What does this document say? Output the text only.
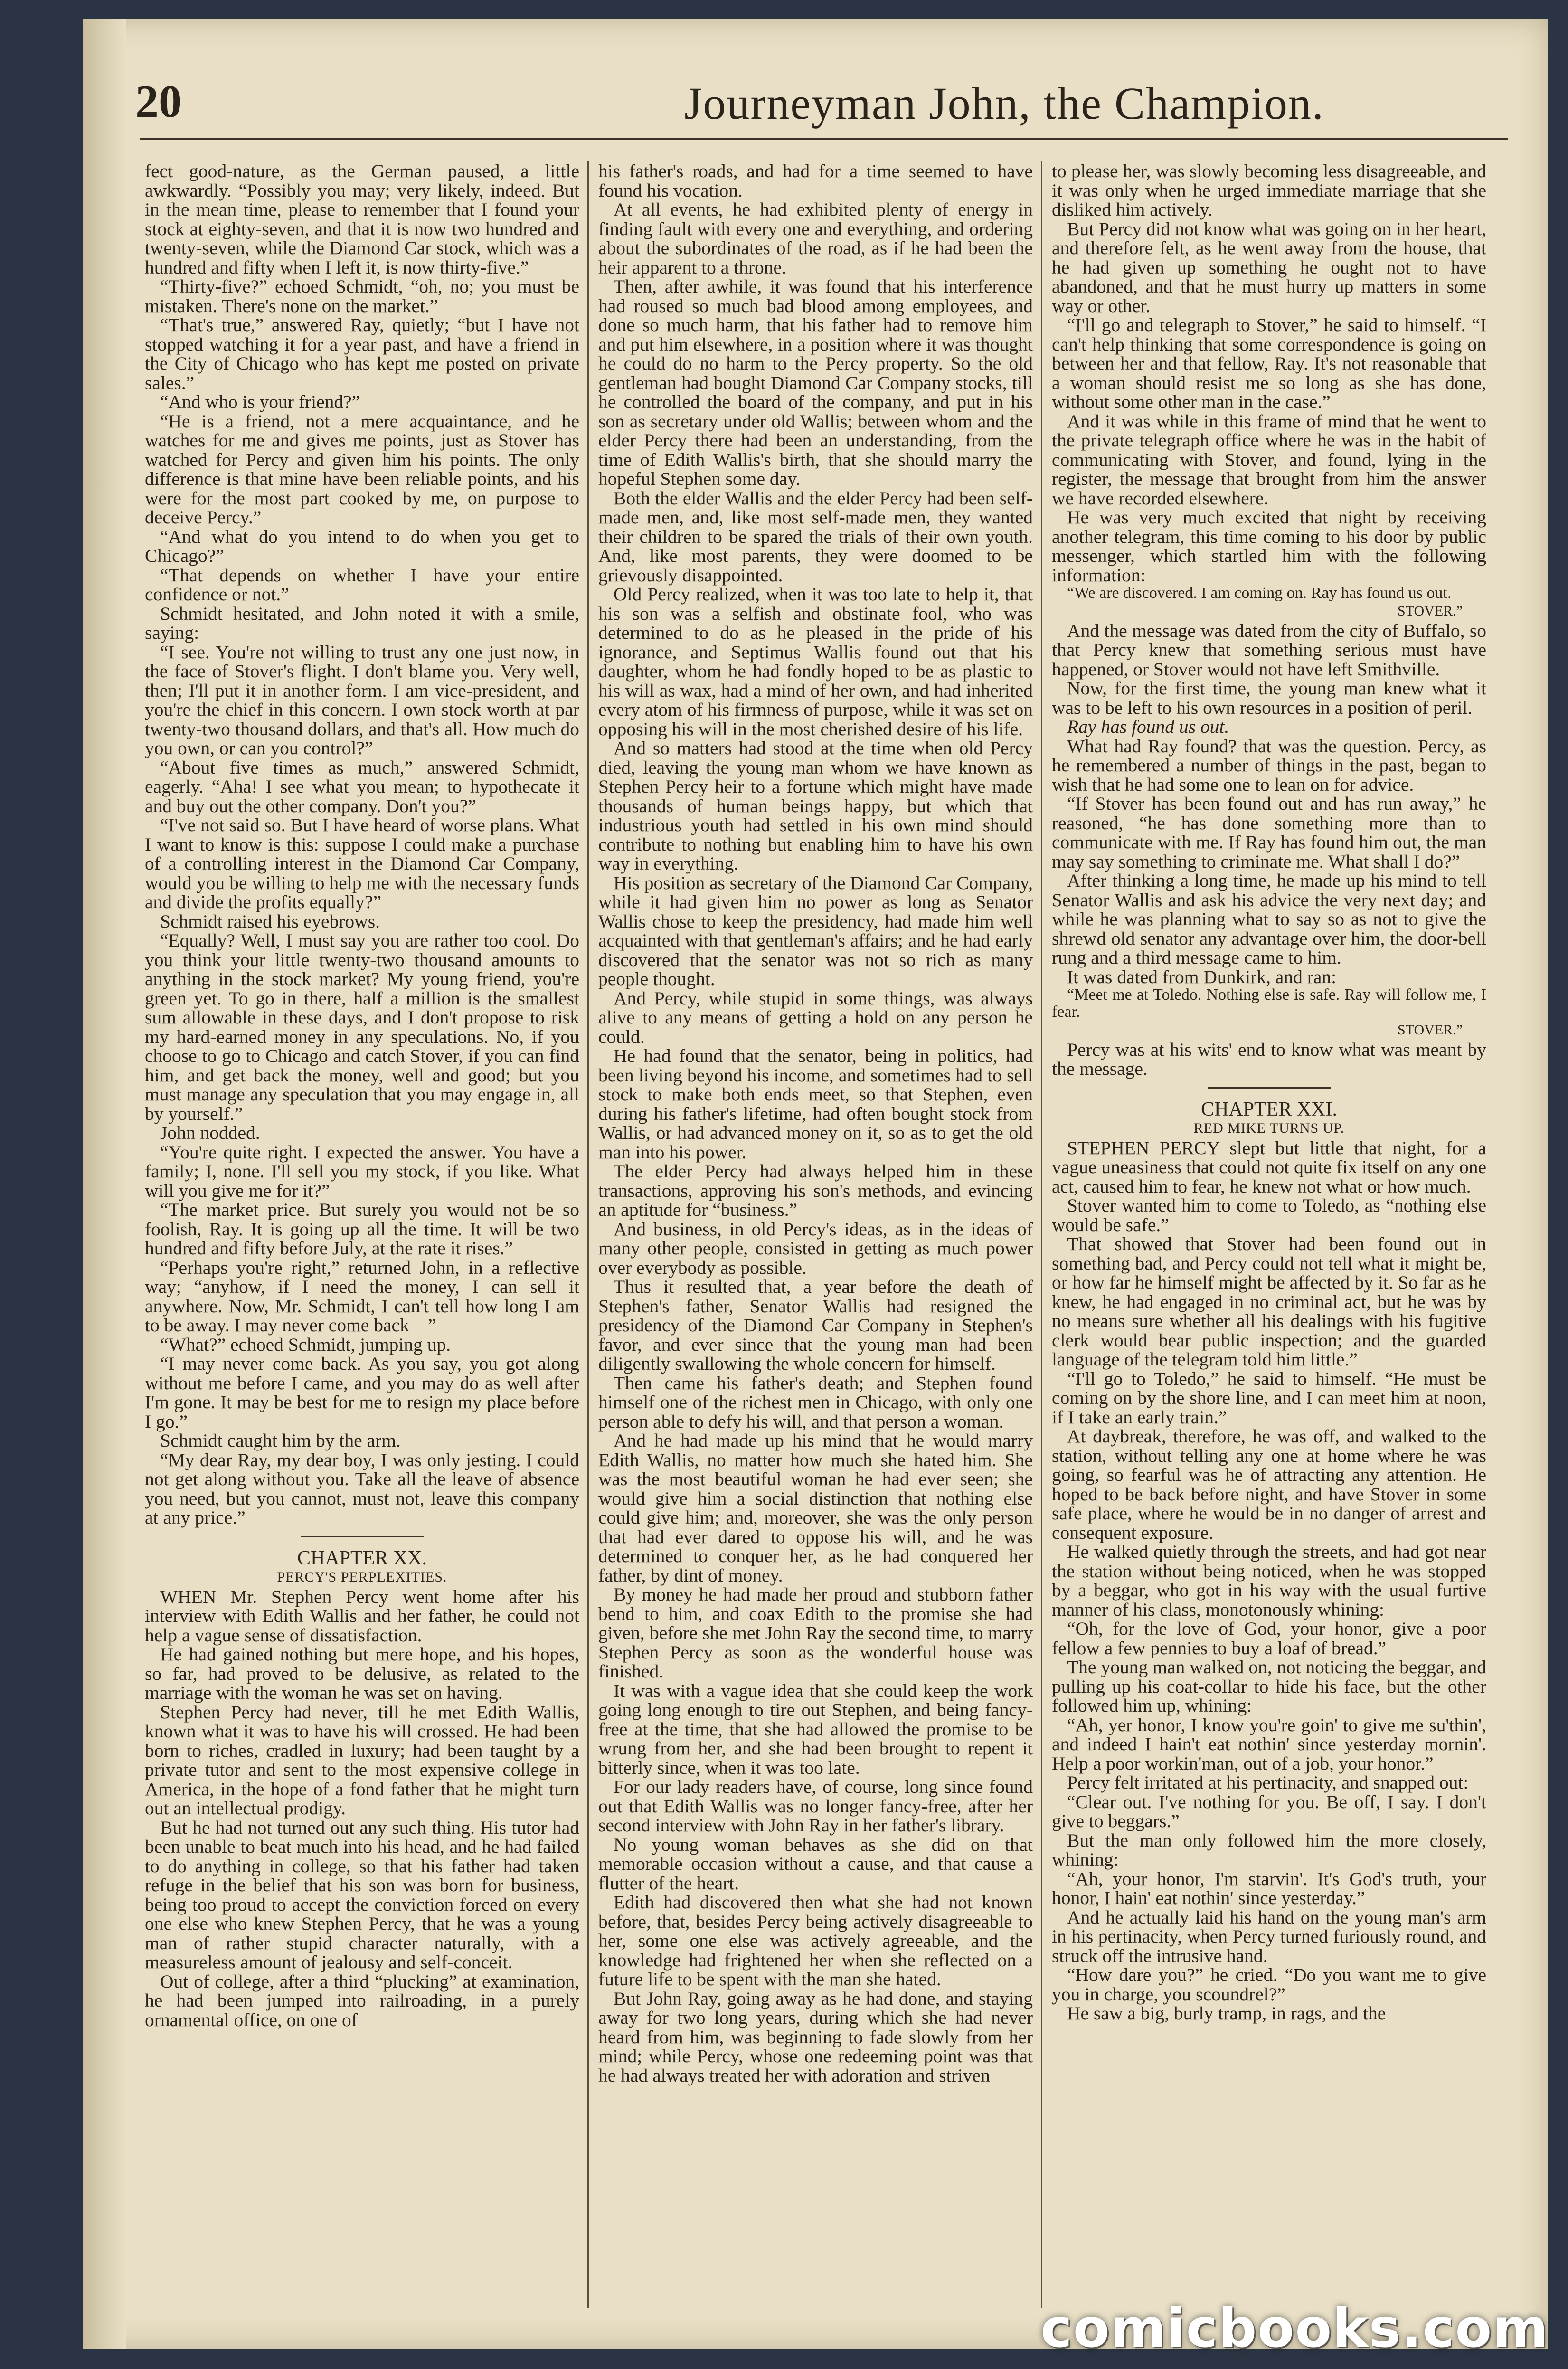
20	Journeyman John, the Champion.

fect good-nature, as the German paused, a little awkwardly. “Possibly you may; very likely, indeed. But in the mean time, please to remember that I found your stock at eighty-seven, and that it is now two hundred and twenty-seven, while the Diamond Car stock, which was a hundred and fifty when I left it, is now thirty-five.”

“Thirty-five?” echoed Schmidt, “oh, no; you must be mistaken. There's none on the market.”

“That's true,” answered Ray, quietly; “but I have not stopped watching it for a year past, and have a friend in the City of Chicago who has kept me posted on private sales.”

“And who is your friend?”

“He is a friend, not a mere acquaintance, and he watches for me and gives me points, just as Stover has watched for Percy and given him his points. The only difference is that mine have been reliable points, and his were for the most part cooked by me, on purpose to deceive Percy.”

“And what do you intend to do when you get to Chicago?”

“That depends on whether I have your entire confidence or not.”

Schmidt hesitated, and John noted it with a smile, saying:

“I see. You're not willing to trust any one just now, in the face of Stover's flight. I don't blame you. Very well, then; I'll put it in another form. I am vice-president, and you're the chief in this concern. I own stock worth at par twenty-two thousand dollars, and that's all. How much do you own, or can you control?”

“About five times as much,” answered Schmidt, eagerly. “Aha! I see what you mean; to hypothecate it and buy out the other company. Don't you?”

“I've not said so. But I have heard of worse plans. What I want to know is this: suppose I could make a purchase of a controlling interest in the Diamond Car Company, would you be willing to help me with the necessary funds and divide the profits equally?”

Schmidt raised his eyebrows.

“Equally? Well, I must say you are rather too cool. Do you think your little twenty-two thousand amounts to anything in the stock market? My young friend, you're green yet. To go in there, half a million is the smallest sum allowable in these days, and I don't propose to risk my hard-earned money in any speculations. No, if you choose to go to Chicago and catch Stover, if you can find him, and get back the money, well and good; but you must manage any speculation that you may engage in, all by yourself.”

John nodded.

“You're quite right. I expected the answer. You have a family; I, none. I'll sell you my stock, if you like. What will you give me for it?”

“The market price. But surely you would not be so foolish, Ray. It is going up all the time. It will be two hundred and fifty before July, at the rate it rises.”

“Perhaps you're right,” returned John, in a reflective way; “anyhow, if I need the money, I can sell it anywhere. Now, Mr. Schmidt, I can't tell how long I am to be away. I may never come back—”

“What?” echoed Schmidt, jumping up.

“I may never come back. As you say, you got along without me before I came, and you may do as well after I'm gone. It may be best for me to resign my place before I go.”

Schmidt caught him by the arm.

“My dear Ray, my dear boy, I was only jesting. I could not get along without you. Take all the leave of absence you need, but you cannot, must not, leave this company at any price.”

CHAPTER XX.
PERCY'S PERPLEXITIES.

WHEN Mr. Stephen Percy went home after his interview with Edith Wallis and her father, he could not help a vague sense of dissatisfaction.

He had gained nothing but mere hope, and his hopes, so far, had proved to be delusive, as related to the marriage with the woman he was set on having.

Stephen Percy had never, till he met Edith Wallis, known what it was to have his will crossed. He had been born to riches, cradled in luxury; had been taught by a private tutor and sent to the most expensive college in America, in the hope of a fond father that he might turn out an intellectual prodigy.

But he had not turned out any such thing. His tutor had been unable to beat much into his head, and he had failed to do anything in college, so that his father had taken refuge in the belief that his son was born for business, being too proud to accept the conviction forced on every one else who knew Stephen Percy, that he was a young man of rather stupid character naturally, with a measureless amount of jealousy and self-conceit.

Out of college, after a third “plucking” at examination, he had been jumped into railroading, in a purely ornamental office, on one of

his father's roads, and had for a time seemed to have found his vocation.

At all events, he had exhibited plenty of energy in finding fault with every one and everything, and ordering about the subordinates of the road, as if he had been the heir apparent to a throne.

Then, after awhile, it was found that his interference had roused so much bad blood among employees, and done so much harm, that his father had to remove him and put him elsewhere, in a position where it was thought he could do no harm to the Percy property. So the old gentleman had bought Diamond Car Company stocks, till he controlled the board of the company, and put in his son as secretary under old Wallis; between whom and the elder Percy there had been an understanding, from the time of Edith Wallis's birth, that she should marry the hopeful Stephen some day.

Both the elder Wallis and the elder Percy had been self-made men, and, like most self-made men, they wanted their children to be spared the trials of their own youth. And, like most parents, they were doomed to be grievously disappointed.

Old Percy realized, when it was too late to help it, that his son was a selfish and obstinate fool, who was determined to do as he pleased in the pride of his ignorance, and Septimus Wallis found out that his daughter, whom he had fondly hoped to be as plastic to his will as wax, had a mind of her own, and had inherited every atom of his firmness of purpose, while it was set on opposing his will in the most cherished desire of his life.

And so matters had stood at the time when old Percy died, leaving the young man whom we have known as Stephen Percy heir to a fortune which might have made thousands of human beings happy, but which that industrious youth had settled in his own mind should contribute to nothing but enabling him to have his own way in everything.

His position as secretary of the Diamond Car Company, while it had given him no power as long as Senator Wallis chose to keep the presidency, had made him well acquainted with that gentleman's affairs; and he had early discovered that the senator was not so rich as many people thought.

And Percy, while stupid in some things, was always alive to any means of getting a hold on any person he could.

He had found that the senator, being in politics, had been living beyond his income, and sometimes had to sell stock to make both ends meet, so that Stephen, even during his father's lifetime, had often bought stock from Wallis, or had advanced money on it, so as to get the old man into his power.

The elder Percy had always helped him in these transactions, approving his son's methods, and evincing an aptitude for “business.”

And business, in old Percy's ideas, as in the ideas of many other people, consisted in getting as much power over everybody as possible.

Thus it resulted that, a year before the death of Stephen's father, Senator Wallis had resigned the presidency of the Diamond Car Company in Stephen's favor, and ever since that the young man had been diligently swallowing the whole concern for himself.

Then came his father's death; and Stephen found himself one of the richest men in Chicago, with only one person able to defy his will, and that person a woman.

And he had made up his mind that he would marry Edith Wallis, no matter how much she hated him. She was the most beautiful woman he had ever seen; she would give him a social distinction that nothing else could give him; and, moreover, she was the only person that had ever dared to oppose his will, and he was determined to conquer her, as he had conquered her father, by dint of money.

By money he had made her proud and stubborn father bend to him, and coax Edith to the promise she had given, before she met John Ray the second time, to marry Stephen Percy as soon as the wonderful house was finished.

It was with a vague idea that she could keep the work going long enough to tire out Stephen, and being fancy-free at the time, that she had allowed the promise to be wrung from her, and she had been brought to repent it bitterly since, when it was too late.

For our lady readers have, of course, long since found out that Edith Wallis was no longer fancy-free, after her second interview with John Ray in her father's library.

No young woman behaves as she did on that memorable occasion without a cause, and that cause a flutter of the heart.

Edith had discovered then what she had not known before, that, besides Percy being actively disagreeable to her, some one else was actively agreeable, and the knowledge had frightened her when she reflected on a future life to be spent with the man she hated.

But John Ray, going away as he had done, and staying away for two long years, during which she had never heard from him, was beginning to fade slowly from her mind; while Percy, whose one redeeming point was that he had always treated her with adoration and striven

to please her, was slowly becoming less disagreeable, and it was only when he urged immediate marriage that she disliked him actively.

But Percy did not know what was going on in her heart, and therefore felt, as he went away from the house, that he had given up something he ought not to have abandoned, and that he must hurry up matters in some way or other.

“I'll go and telegraph to Stover,” he said to himself. “I can't help thinking that some correspondence is going on between her and that fellow, Ray. It's not reasonable that a woman should resist me so long as she has done, without some other man in the case.”

And it was while in this frame of mind that he went to the private telegraph office where he was in the habit of communicating with Stover, and found, lying in the register, the message that brought from him the answer we have recorded elsewhere.

He was very much excited that night by receiving another telegram, this time coming to his door by public messenger, which startled him with the following information:

“We are discovered. I am coming on. Ray has found us out.

STOVER.”

And the message was dated from the city of Buffalo, so that Percy knew that something serious must have happened, or Stover would not have left Smithville.

Now, for the first time, the young man knew what it was to be left to his own resources in a position of peril.

Ray has found us out.

What had Ray found? that was the question. Percy, as he remembered a number of things in the past, began to wish that he had some one to lean on for advice.

“If Stover has been found out and has run away,” he reasoned, “he has done something more than to communicate with me. If Ray has found him out, the man may say something to criminate me. What shall I do?”

After thinking a long time, he made up his mind to tell Senator Wallis and ask his advice the very next day; and while he was planning what to say so as not to give the shrewd old senator any advantage over him, the door-bell rung and a third message came to him.

It was dated from Dunkirk, and ran:

“Meet me at Toledo. Nothing else is safe. Ray will follow me, I fear.

STOVER.”

Percy was at his wits' end to know what was meant by the message.

CHAPTER XXI.
RED MIKE TURNS UP.

STEPHEN PERCY slept but little that night, for a vague uneasiness that could not quite fix itself on any one act, caused him to fear, he knew not what or how much.

Stover wanted him to come to Toledo, as “nothing else would be safe.”

That showed that Stover had been found out in something bad, and Percy could not tell what it might be, or how far he himself might be affected by it. So far as he knew, he had engaged in no criminal act, but he was by no means sure whether all his dealings with his fugitive clerk would bear public inspection; and the guarded language of the telegram told him little.”

“I'll go to Toledo,” he said to himself. “He must be coming on by the shore line, and I can meet him at noon, if I take an early train.”

At daybreak, therefore, he was off, and walked to the station, without telling any one at home where he was going, so fearful was he of attracting any attention. He hoped to be back before night, and have Stover in some safe place, where he would be in no danger of arrest and consequent exposure.

He walked quietly through the streets, and had got near the station without being noticed, when he was stopped by a beggar, who got in his way with the usual furtive manner of his class, monotonously whining:

“Oh, for the love of God, your honor, give a poor fellow a few pennies to buy a loaf of bread.”

The young man walked on, not noticing the beggar, and pulling up his coat-collar to hide his face, but the other followed him up, whining:

“Ah, yer honor, I know you're goin' to give me su'thin', and indeed I hain't eat nothin' since yesterday mornin'. Help a poor workin'man, out of a job, your honor.”

Percy felt irritated at his pertinacity, and snapped out:

“Clear out. I've nothing for you. Be off, I say. I don't give to beggars.”

But the man only followed him the more closely, whining:

“Ah, your honor, I'm starvin'. It's God's truth, your honor, I hain' eat nothin' since yesterday.”

And he actually laid his hand on the young man's arm in his pertinacity, when Percy turned furiously round, and struck off the intrusive hand.

“How dare you?” he cried. “Do you want me to give you in charge, you scoundrel?”

He saw a big, burly tramp, in rags, and the

comicbooks.com
